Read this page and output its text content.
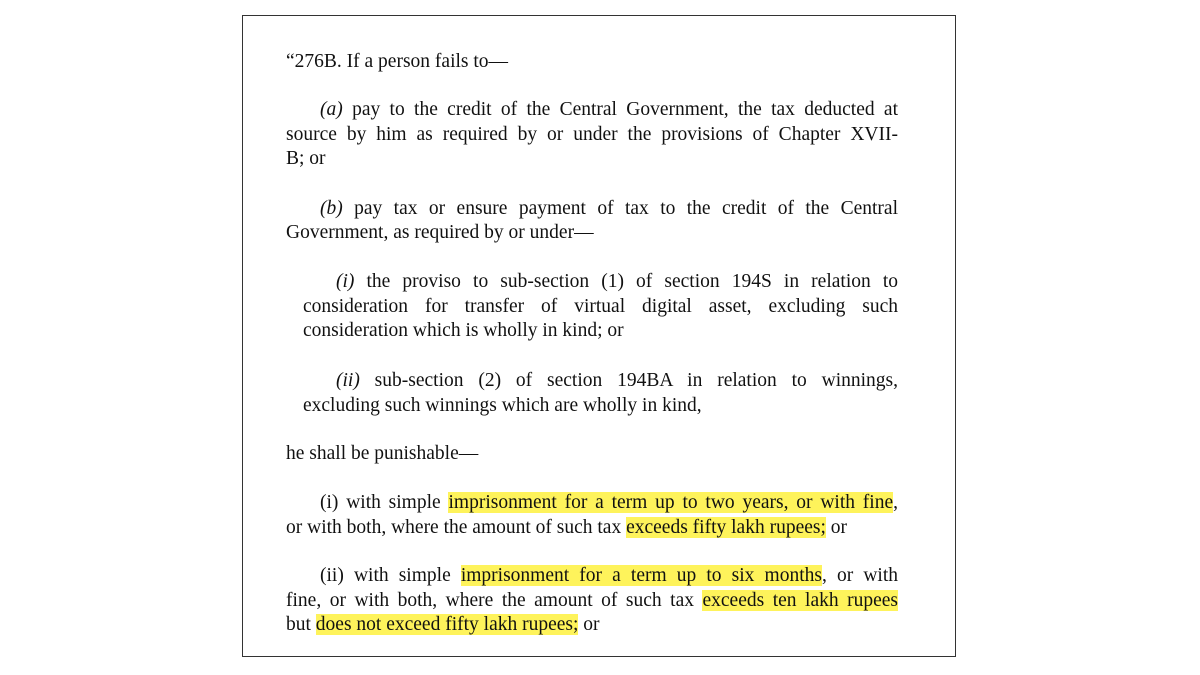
“276B. If a person fails to—
(a) pay to the credit of the Central Government, the tax deducted at
source by him as required by or under the provisions of Chapter XVII-
B; or
(b) pay tax or ensure payment of tax to the credit of the Central
Government, as required by or under—
(i) the proviso to sub-section (1) of section 194S in relation to
consideration for transfer of virtual digital asset, excluding such
consideration which is wholly in kind; or
(ii) sub-section (2) of section 194BA in relation to winnings,
excluding such winnings which are wholly in kind,
he shall be punishable—
(i) with simple imprisonment for a term up to two years, or with fine,
or with both, where the amount of such tax exceeds fifty lakh rupees; or
(ii) with simple imprisonment for a term up to six months, or with
fine, or with both, where the amount of such tax exceeds ten lakh rupees
but does not exceed fifty lakh rupees; or
